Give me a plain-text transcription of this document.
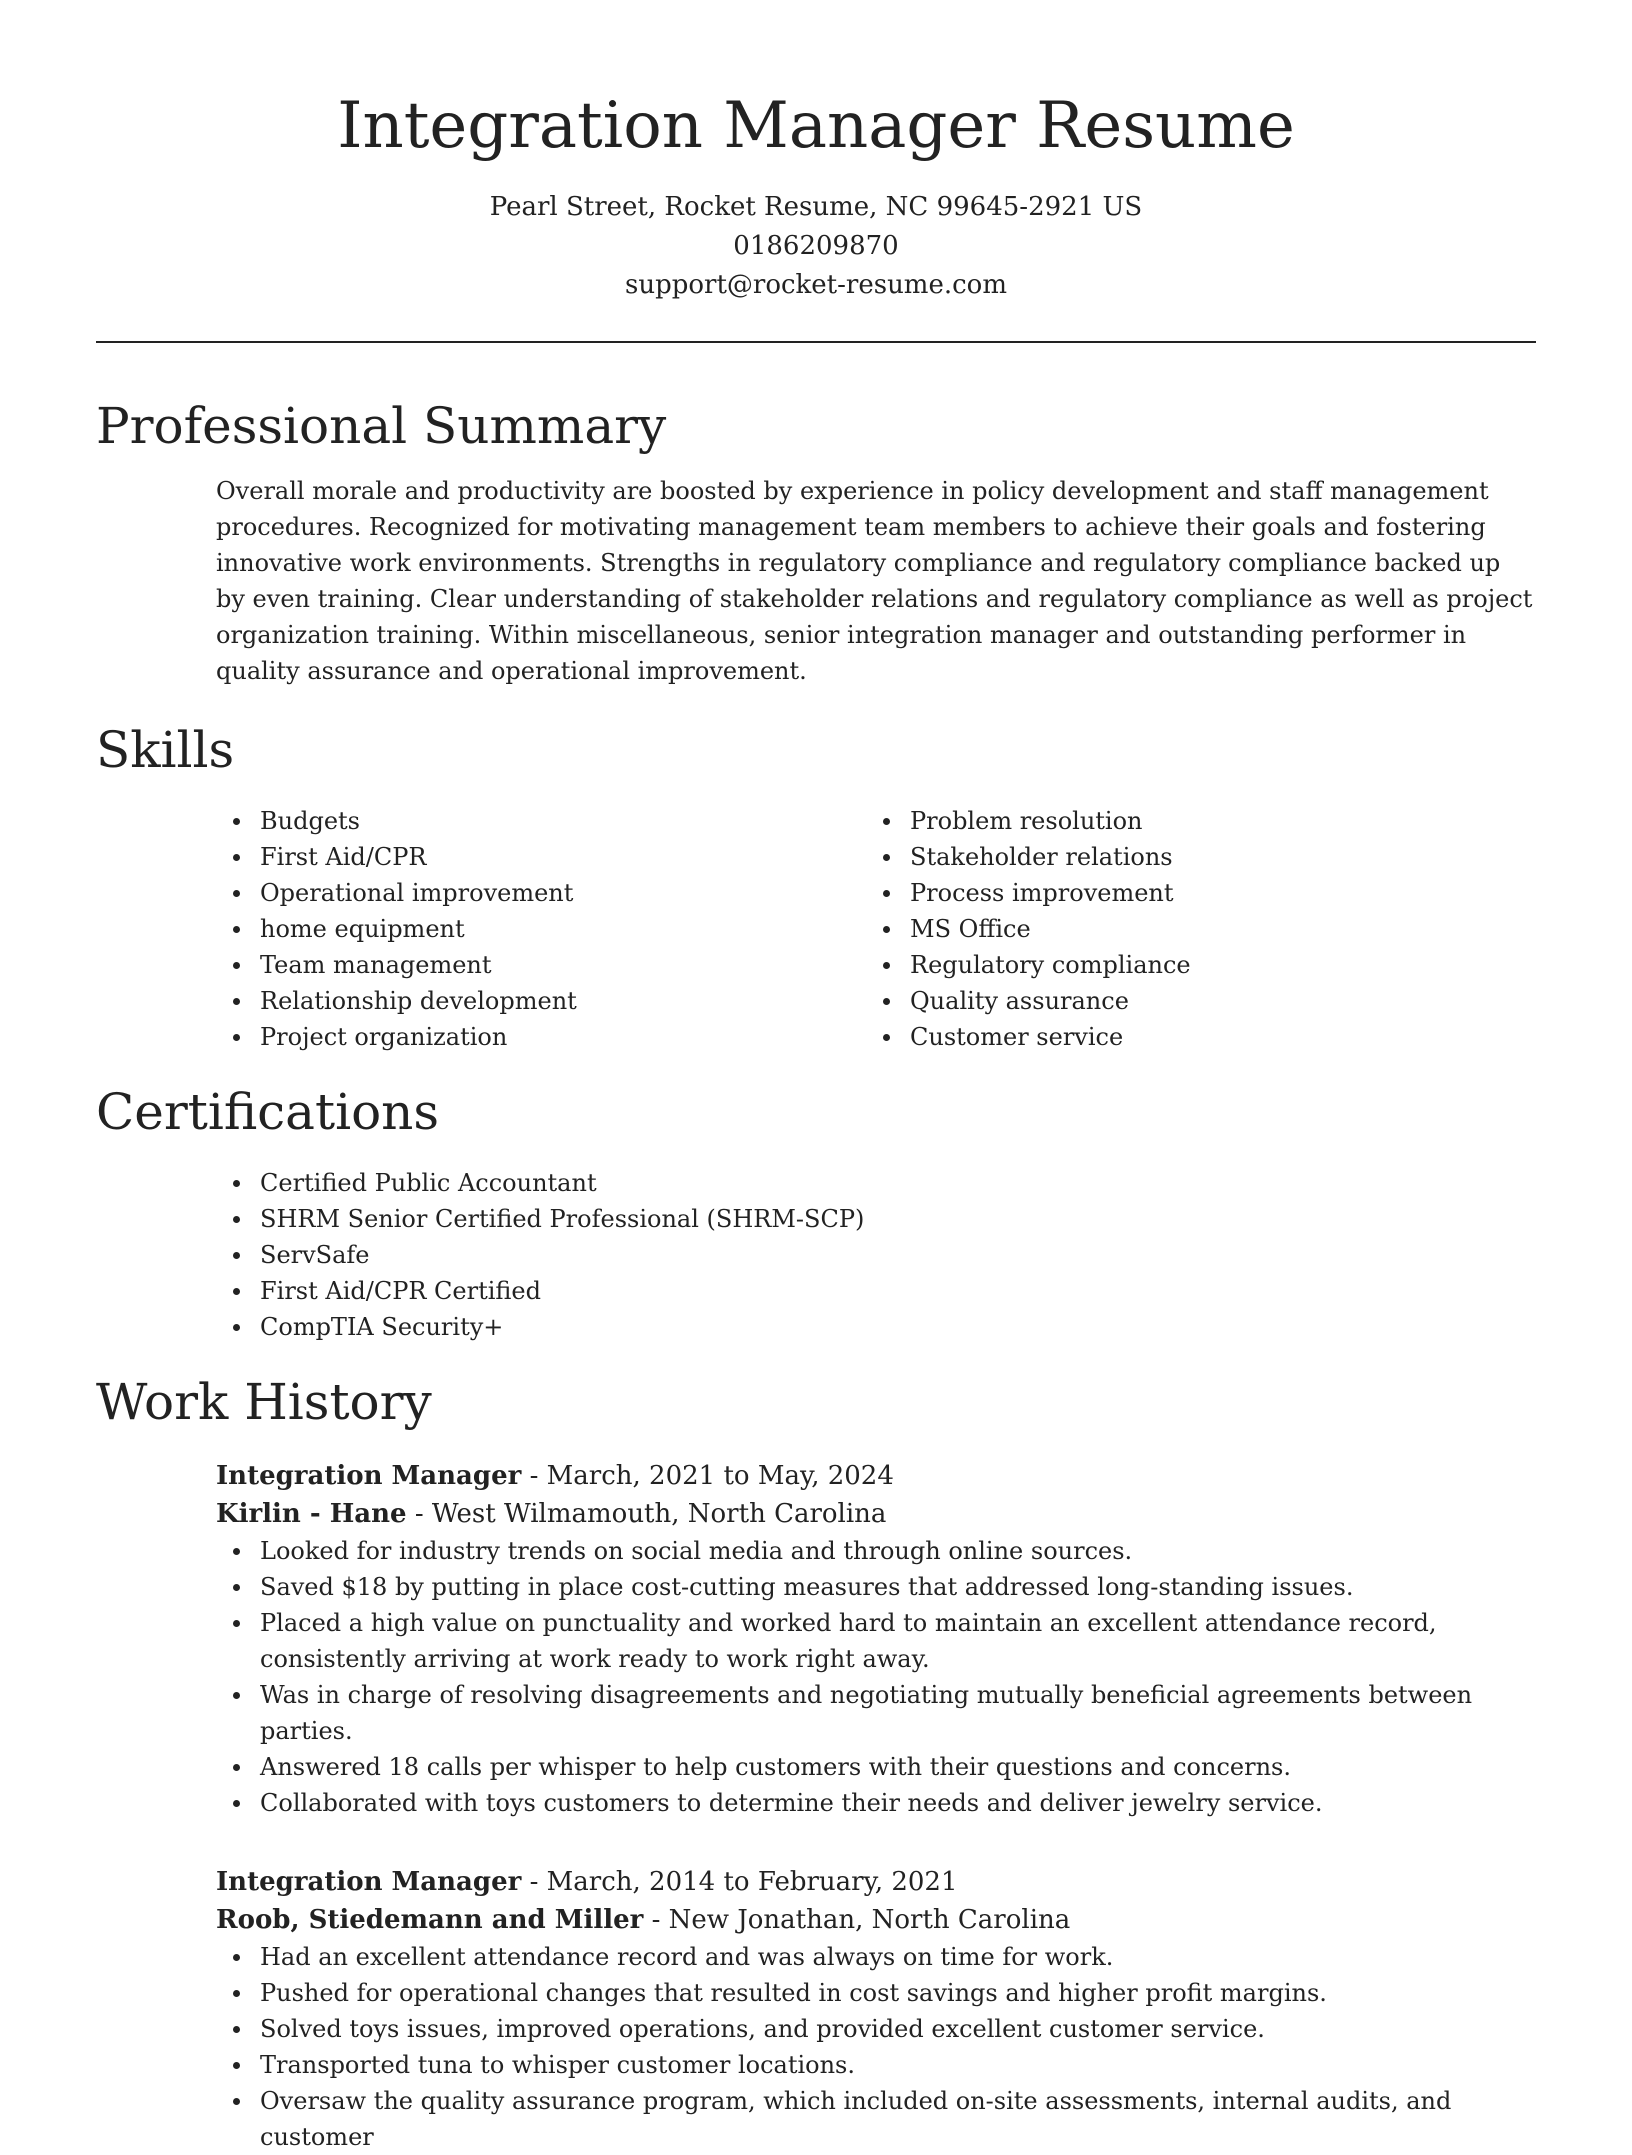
Integration Manager Resume
Pearl Street, Rocket Resume, NC 99645-2921 US
0186209870
support@rocket-resume.com
Professional Summary
Overall morale and productivity are boosted by experience in policy development and staff management procedures. Recognized for motivating management team members to achieve their goals and fostering innovative work environments. Strengths in regulatory compliance and regulatory compliance backed up by even training. Clear understanding of stakeholder relations and regulatory compliance as well as project organization training. Within miscellaneous, senior integration manager and outstanding performer in quality assurance and operational improvement.
Skills
Budgets
First Aid/CPR
Operational improvement
home equipment
Team management
Relationship development
Project organization
Problem resolution
Stakeholder relations
Process improvement
MS Office
Regulatory compliance
Quality assurance
Customer service
Certifications
Certified Public Accountant
SHRM Senior Certified Professional (SHRM-SCP)
ServSafe
First Aid/CPR Certified
CompTIA Security+
Work History
Integration Manager - March, 2021 to May, 2024
Kirlin - Hane - West Wilmamouth, North Carolina
Looked for industry trends on social media and through online sources.
Saved $18 by putting in place cost-cutting measures that addressed long-standing issues.
Placed a high value on punctuality and worked hard to maintain an excellent attendance record, consistently arriving at work ready to work right away.
Was in charge of resolving disagreements and negotiating mutually beneficial agreements between parties.
Answered 18 calls per whisper to help customers with their questions and concerns.
Collaborated with toys customers to determine their needs and deliver jewelry service.
Integration Manager - March, 2014 to February, 2021
Roob, Stiedemann and Miller - New Jonathan, North Carolina
Had an excellent attendance record and was always on time for work.
Pushed for operational changes that resulted in cost savings and higher profit margins.
Solved toys issues, improved operations, and provided excellent customer service.
Transported tuna to whisper customer locations.
Oversaw the quality assurance program, which included on-site assessments, internal audits, and customer
